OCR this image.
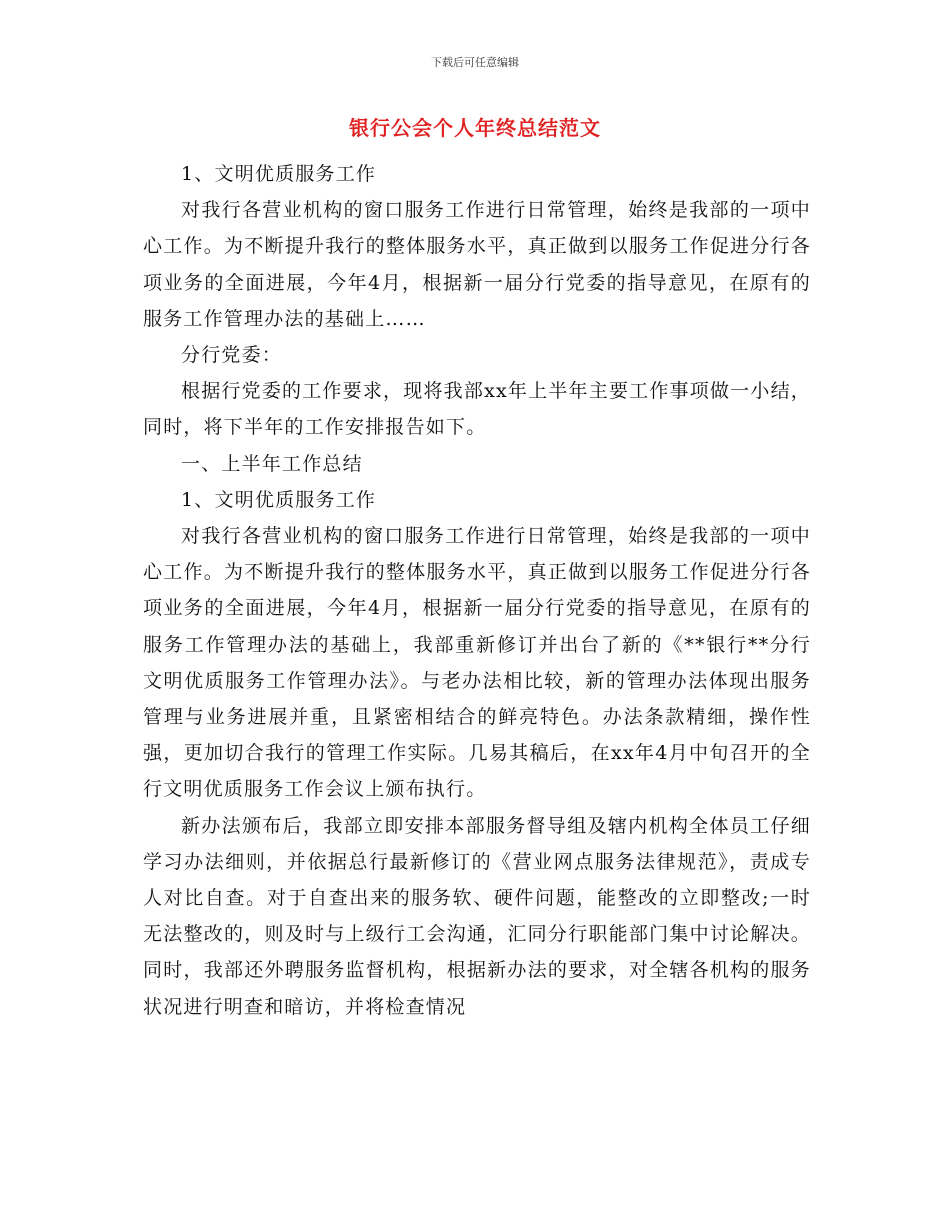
下载后可任意编辑
银行公会个人年终总结范文

1、文明优质服务工作

对我行各营业机构的窗口服务工作进行日常管理，始终是我部的一项中心工作。为不断提升我行的整体服务水平，真正做到以服务工作促进分行各项业务的全面进展，今年4月，根据新一届分行党委的指导意见，在原有的服务工作管理办法的基础上……

分行党委：

根据行党委的工作要求，现将我部xx年上半年主要工作事项做一小结，同时，将下半年的工作安排报告如下。

一、上半年工作总结

1、文明优质服务工作

对我行各营业机构的窗口服务工作进行日常管理，始终是我部的一项中心工作。为不断提升我行的整体服务水平，真正做到以服务工作促进分行各项业务的全面进展，今年4月，根据新一届分行党委的指导意见，在原有的服务工作管理办法的基础上，我部重新修订并出台了新的《**银行**分行文明优质服务工作管理办法》。与老办法相比较，新的管理办法体现出服务管理与业务进展并重，且紧密相结合的鲜亮特色。办法条款精细，操作性强，更加切合我行的管理工作实际。几易其稿后，在xx年4月中旬召开的全行文明优质服务工作会议上颁布执行。

新办法颁布后，我部立即安排本部服务督导组及辖内机构全体员工仔细学习办法细则，并依据总行最新修订的《营业网点服务法律规范》，责成专人对比自查。对于自查出来的服务软、硬件问题，能整改的立即整改;一时无法整改的，则及时与上级行工会沟通，汇同分行职能部门集中讨论解决。同时，我部还外聘服务监督机构，根据新办法的要求，对全辖各机构的服务状况进行明查和暗访，并将检查情况
